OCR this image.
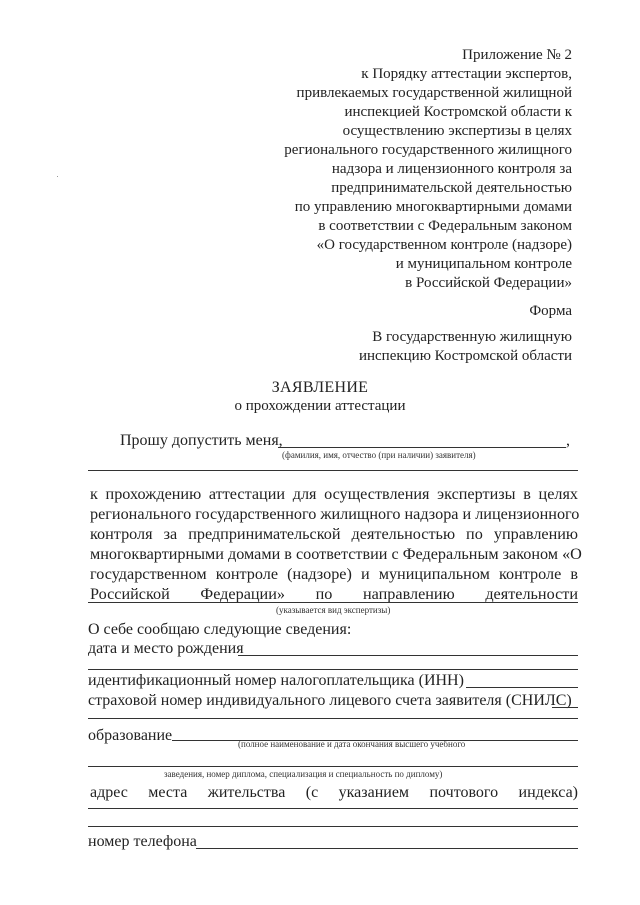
Приложение № 2
к Порядку аттестации экспертов,
привлекаемых государственной жилищной
инспекцией Костромской области к
осуществлению экспертизы в целях
регионального государственного жилищного
надзора и лицензионного контроля за
предпринимательской деятельностью
по управлению многоквартирными домами
в соответствии с Федеральным законом
«О государственном контроле (надзоре)
и муниципальном контроле
в Российской Федерации»
Форма
В государственную жилищную
инспекцию Костромской области
ЗАЯВЛЕНИЕ
о прохождении аттестации
Прошу допустить меня,	,
(фамилия, имя, отчество (при наличии) заявителя)
к прохождению аттестации для осуществления экспертизы в целях
регионального государственного жилищного надзора и лицензионного
контроля за предпринимательской деятельностью по управлению
многоквартирными домами в соответствии с Федеральным законом «О
государственном контроле (надзоре) и муниципальном контроле в
Российской Федерации» по направлению деятельности
(указывается вид экспертизы)
О себе сообщаю следующие сведения:
дата и место рождения
идентификационный номер налогоплательщика (ИНН)
страховой номер индивидуального лицевого счета заявителя (СНИЛС)
образование	(полное наименование и дата окончания высшего учебного
заведения, номер диплома, специализация и специальность по диплому)
адрес места жительства (с указанием почтового индекса)
номер телефона
